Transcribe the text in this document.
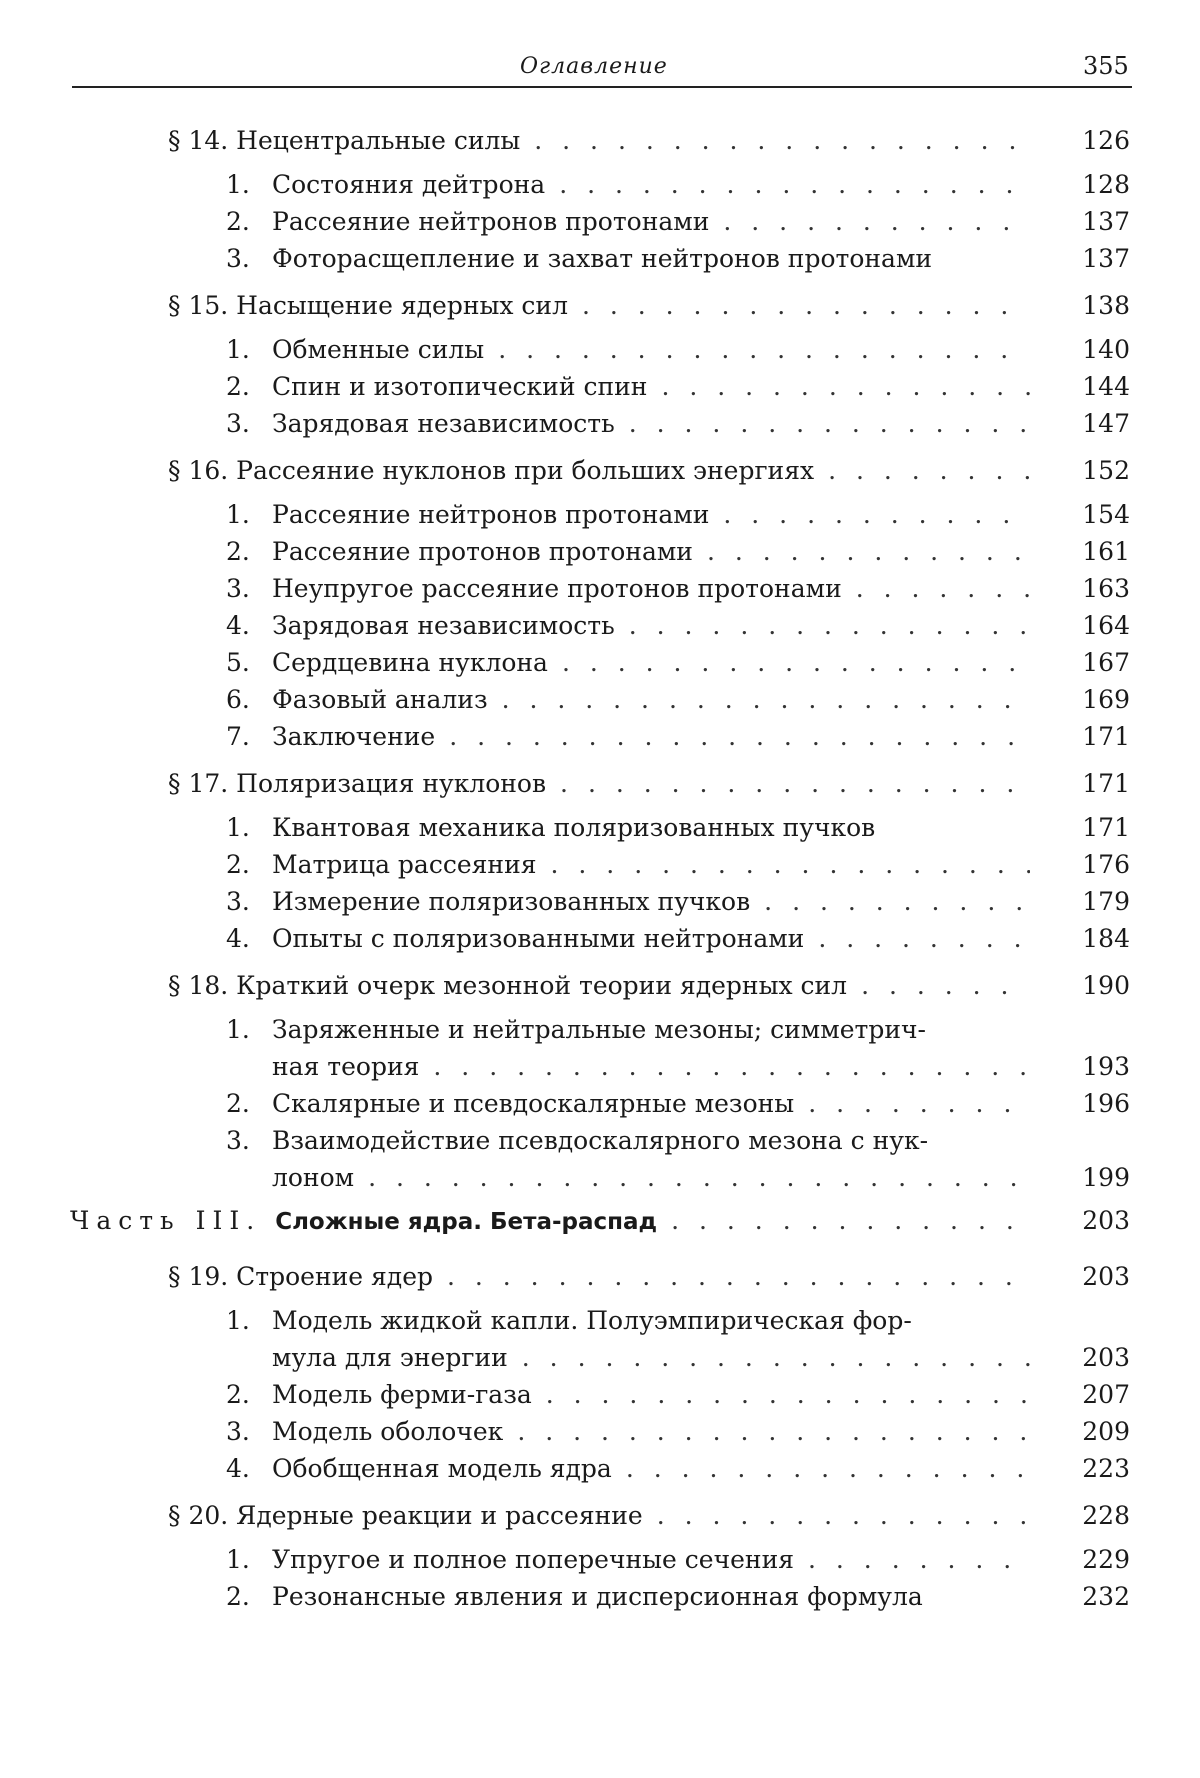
Оглавление	355
§ 14. Нецентральные силы . . .	126
1. Состояния дейтрона . . .	128
2. Рассеяние нейтронов протонами . . .	137
3. Фоторасщепление и захват нейтронов протонами	137
§ 15. Насыщение ядерных сил . . .	138
1. Обменные силы . . .	140
2. Спин и изотопический спин . . .	144
3. Зарядовая независимость . . .	147
§ 16. Рассеяние нуклонов при больших энергиях . . .	152
1. Рассеяние нейтронов протонами . . .	154
2. Рассеяние протонов протонами . . .	161
3. Неупругое рассеяние протонов протонами . . .	163
4. Зарядовая независимость . . .	164
5. Сердцевина нуклона . . .	167
6. Фазовый анализ . . .	169
7. Заключение . . .	171
§ 17. Поляризация нуклонов . . .	171
1. Квантовая механика поляризованных пучков	171
2. Матрица рассеяния . . .	176
3. Измерение поляризованных пучков . . .	179
4. Опыты с поляризованными нейтронами . . .	184
§ 18. Краткий очерк мезонной теории ядерных сил . . .	190
1. Заряженные и нейтральные мезоны; симметрич-
ная теория . . .	193
2. Скалярные и псевдоскалярные мезоны . . .	196
3. Взаимодействие псевдоскалярного мезона с нук-
лоном . . .	199
Часть III. Сложные ядра. Бета-распад . . .	203
§ 19. Строение ядер . . .	203
1. Модель жидкой капли. Полуэмпирическая фор-
мула для энергии . . .	203
2. Модель ферми-газа . . .	207
3. Модель оболочек . . .	209
4. Обобщенная модель ядра . . .	223
§ 20. Ядерные реакции и рассеяние . . .	228
1. Упругое и полное поперечные сечения . . .	229
2. Резонансные явления и дисперсионная формула	232
